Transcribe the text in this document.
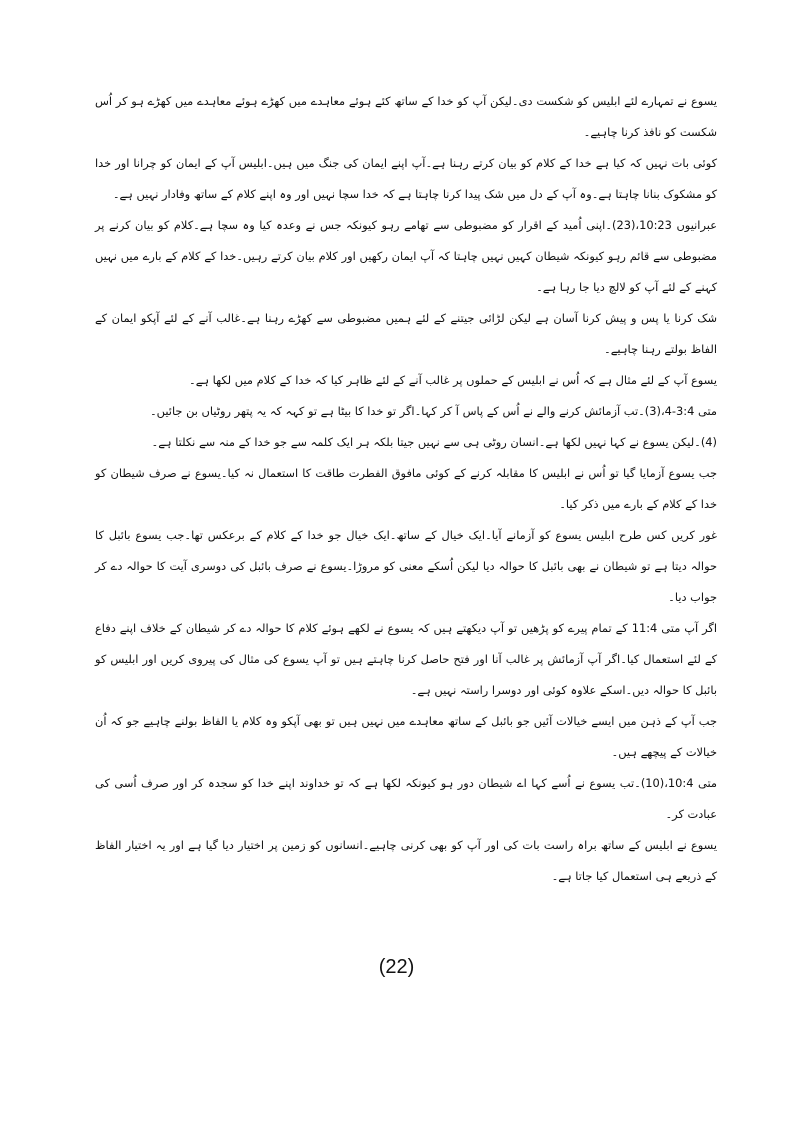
یسوع نے تمہارے لئے ابلیس کو شکست دی۔لیکن آپ کو خدا کے ساتھ کئے ہوئے معاہدے میں کھڑے ہوئے معاہدے میں کھڑے ہو کر اُس شکست کو نافذ کرنا چاہیے۔

کوئی بات نہیں کہ کیا ہے خدا کے کلام کو بیان کرتے رہنا ہے۔آپ اپنے ایمان کی جنگ میں ہیں۔ابلیس آپ کے ایمان کو چرانا اور خدا کو مشکوک بنانا چاہتا ہے۔وہ آپ کے دل میں شک پیدا کرنا چاہتا ہے کہ خدا سچا نہیں اور وہ اپنے کلام کے ساتھ وفادار نہیں ہے۔

عبرانیوں 10:23،(23)۔اپنی اُمید کے اقرار کو مضبوطی سے تھامے رہو کیونکہ جس نے وعدہ کیا وہ سچا ہے۔کلام کو بیان کرنے پر مضبوطی سے قائم رہو کیونکہ شیطان کہیں نہیں چاہتا کہ آپ ایمان رکھیں اور کلام بیان کرتے رہیں۔خدا کے کلام کے بارے میں نہیں کہنے کے لئے آپ کو لالچ دیا جا رہا ہے۔

شک کرنا یا پس و پیش کرنا آسان ہے لیکن لڑائی جیتنے کے لئے ہمیں مضبوطی سے کھڑے رہنا ہے۔غالب آنے کے لئے آپکو ایمان کے الفاظ بولتے رہنا چاہیے۔

یسوع آپ کے لئے مثال ہے کہ اُس نے ابلیس کے حملوں پر غالب آنے کے لئے ظاہر کیا کہ خدا کے کلام میں لکھا ہے۔

متی 3:4-4،(3)۔تب آزمائش کرنے والے نے اُس کے پاس آ کر کہا۔اگر تو خدا کا بیٹا ہے تو کہہ کہ یہ پتھر روٹیاں بن جائیں۔

(4)۔لیکن یسوع نے کہا نہیں لکھا ہے۔انسان روٹی ہی سے نہیں جیتا بلکہ ہر ایک کلمہ سے جو خدا کے منہ سے نکلتا ہے۔

جب یسوع آزمایا گیا تو اُس نے ابلیس کا مقابلہ کرنے کے کوئی مافوق الفطرت طاقت کا استعمال نہ کیا۔یسوع نے صرف شیطان کو خدا کے کلام کے بارے میں ذکر کیا۔

غور کریں کس طرح ابلیس یسوع کو آزمانے آیا۔ایک خیال کے ساتھ۔ایک خیال جو خدا کے کلام کے برعکس تھا۔جب یسوع بائبل کا حوالہ دیتا ہے تو شیطان نے بھی بائبل کا حوالہ دیا لیکن اُسکے معنی کو مروڑا۔یسوع نے صرف بائبل کی دوسری آیت کا حوالہ دے کر جواب دیا۔

اگر آپ متی 11:4 کے تمام پیرے کو پڑھیں تو آپ دیکھتے ہیں کہ یسوع نے لکھے ہوئے کلام کا حوالہ دے کر شیطان کے خلاف اپنے دفاع کے لئے استعمال کیا۔اگر آپ آزمائش پر غالب آنا اور فتح حاصل کرنا چاہتے ہیں تو آپ یسوع کی مثال کی پیروی کریں اور ابلیس کو بائبل کا حوالہ دیں۔اسکے علاوہ کوئی اور دوسرا راستہ نہیں ہے۔

جب آپ کے ذہن میں ایسے خیالات آئیں جو بائبل کے ساتھ معاہدے میں نہیں ہیں تو بھی آپکو وہ کلام یا الفاظ بولنے چاہیے جو کہ اُن خیالات کے پیچھے ہیں۔

متی 10:4،(10)۔تب یسوع نے اُسے کہا اے شیطان دور ہو کیونکہ لکھا ہے کہ تو خداوند اپنے خدا کو سجدہ کر اور صرف اُسی کی عبادت کر۔

یسوع نے ابلیس کے ساتھ براہ راست بات کی اور آپ کو بھی کرنی چاہیے۔انسانوں کو زمین پر اختیار دیا گیا ہے اور یہ اختیار الفاظ کے ذریعے ہی استعمال کیا جاتا ہے۔

(22)
